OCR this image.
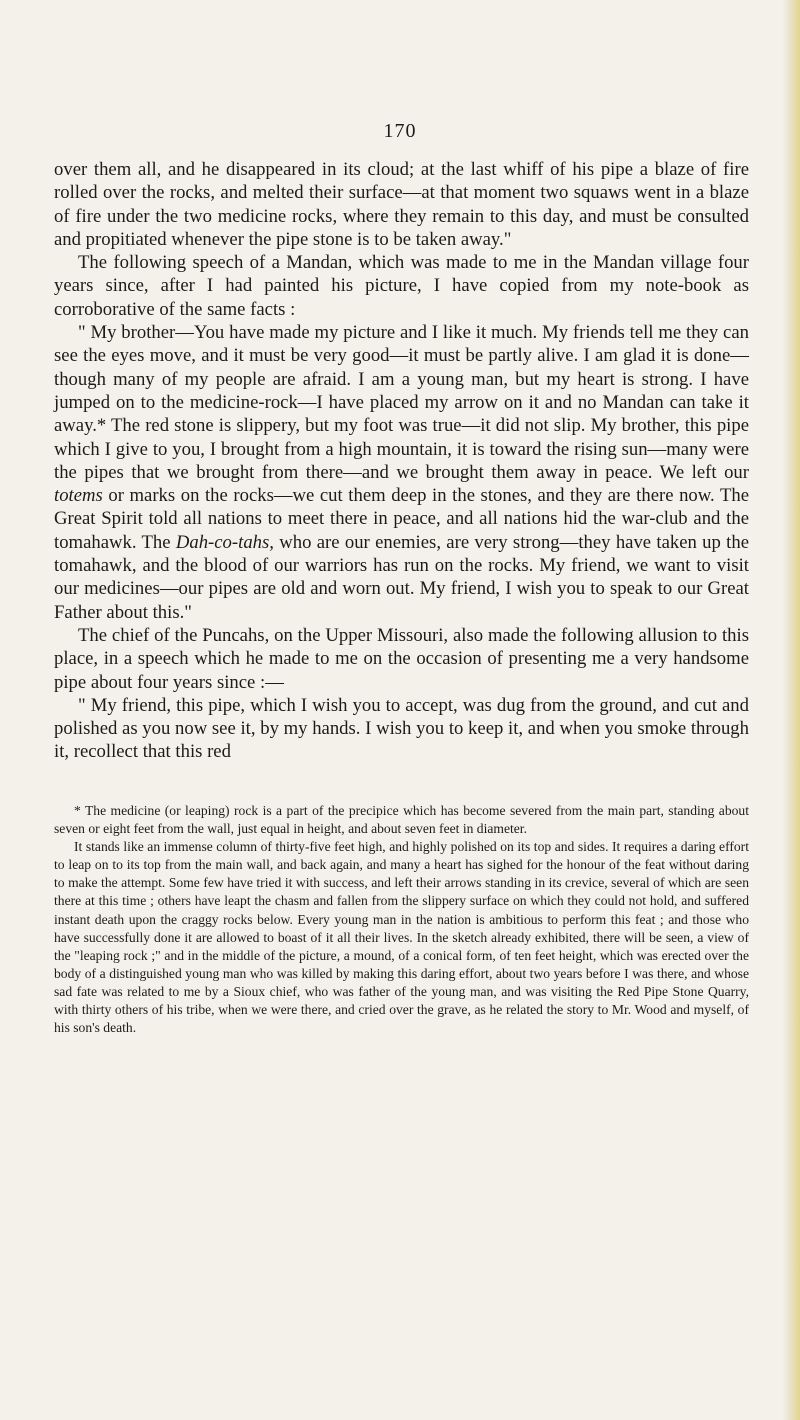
170

over them all, and he disappeared in its cloud; at the last whiff of his pipe a blaze of fire rolled over the rocks, and melted their surface—at that moment two squaws went in a blaze of fire under the two medicine rocks, where they remain to this day, and must be consulted and propitiated whenever the pipe stone is to be taken away."

The following speech of a Mandan, which was made to me in the Mandan village four years since, after I had painted his picture, I have copied from my note-book as corroborative of the same facts :

" My brother—You have made my picture and I like it much. My friends tell me they can see the eyes move, and it must be very good—it must be partly alive. I am glad it is done—though many of my people are afraid. I am a young man, but my heart is strong. I have jumped on to the medicine-rock—I have placed my arrow on it and no Mandan can take it away.* The red stone is slippery, but my foot was true—it did not slip. My brother, this pipe which I give to you, I brought from a high mountain, it is toward the rising sun—many were the pipes that we brought from there—and we brought them away in peace. We left our totems or marks on the rocks—we cut them deep in the stones, and they are there now. The Great Spirit told all nations to meet there in peace, and all nations hid the war-club and the tomahawk. The Dah-co-tahs, who are our enemies, are very strong—they have taken up the tomahawk, and the blood of our warriors has run on the rocks. My friend, we want to visit our medicines—our pipes are old and worn out. My friend, I wish you to speak to our Great Father about this."

The chief of the Puncahs, on the Upper Missouri, also made the following allusion to this place, in a speech which he made to me on the occasion of presenting me a very handsome pipe about four years since :—

" My friend, this pipe, which I wish you to accept, was dug from the ground, and cut and polished as you now see it, by my hands. I wish you to keep it, and when you smoke through it, recollect that this red

* The medicine (or leaping) rock is a part of the precipice which has become severed from the main part, standing about seven or eight feet from the wall, just equal in height, and about seven feet in diameter.

It stands like an immense column of thirty-five feet high, and highly polished on its top and sides. It requires a daring effort to leap on to its top from the main wall, and back again, and many a heart has sighed for the honour of the feat without daring to make the attempt. Some few have tried it with success, and left their arrows standing in its crevice, several of which are seen there at this time ; others have leapt the chasm and fallen from the slippery surface on which they could not hold, and suffered instant death upon the craggy rocks below. Every young man in the nation is ambitious to perform this feat ; and those who have successfully done it are allowed to boast of it all their lives. In the sketch already exhibited, there will be seen, a view of the "leaping rock ;" and in the middle of the picture, a mound, of a conical form, of ten feet height, which was erected over the body of a distinguished young man who was killed by making this daring effort, about two years before I was there, and whose sad fate was related to me by a Sioux chief, who was father of the young man, and was visiting the Red Pipe Stone Quarry, with thirty others of his tribe, when we were there, and cried over the grave, as he related the story to Mr. Wood and myself, of his son's death.
